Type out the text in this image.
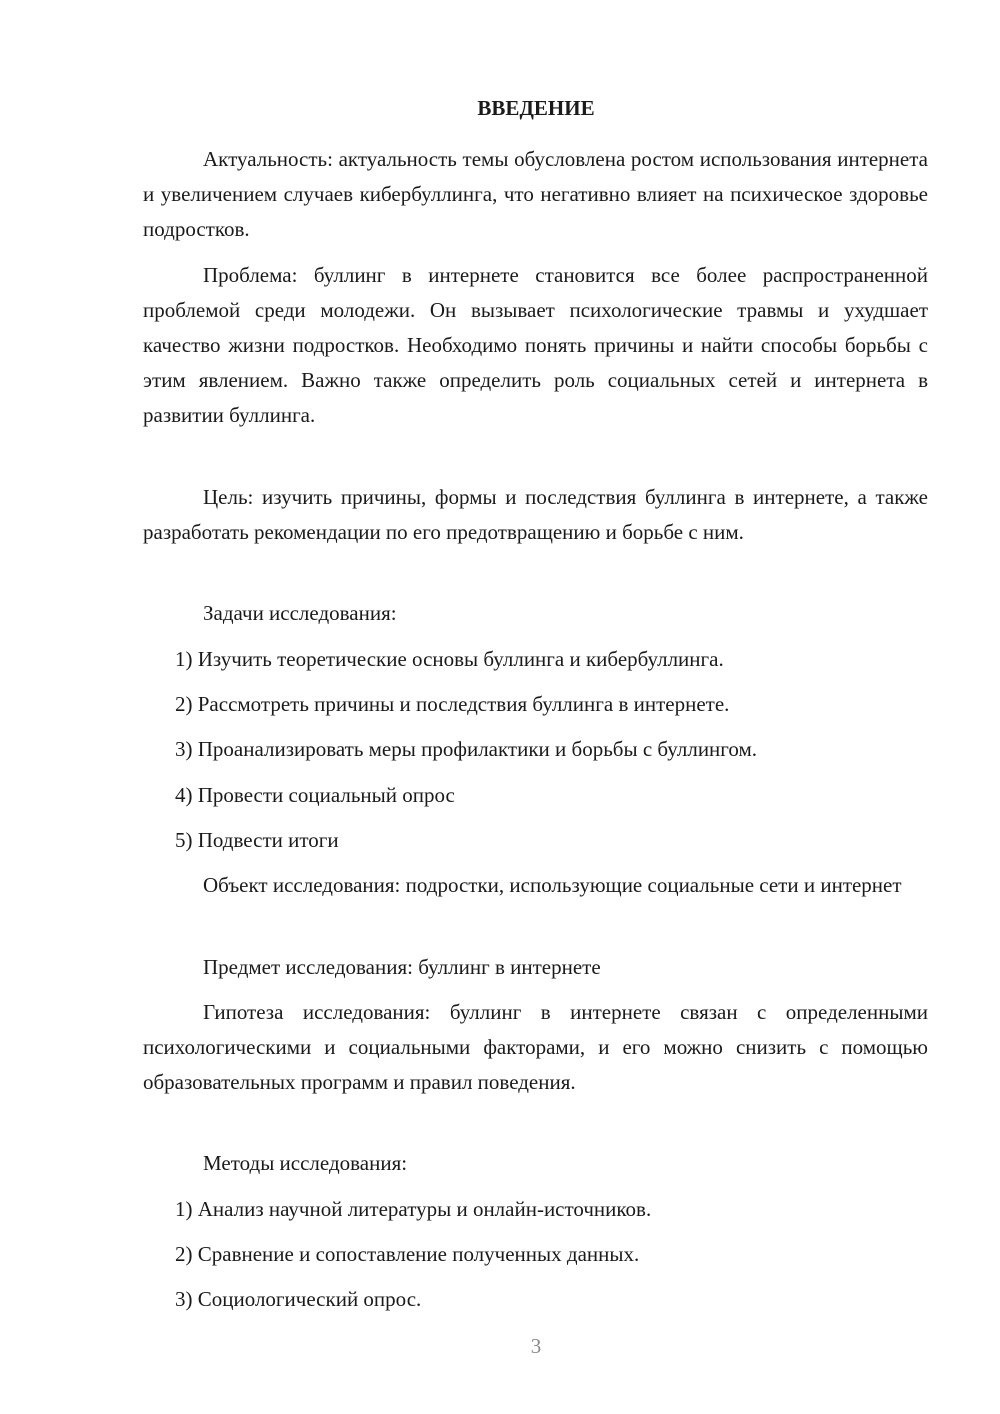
ВВЕДЕНИЕ
Актуальность: актуальность темы обусловлена ростом использования интернета и увеличением случаев кибербуллинга, что негативно влияет на психическое здоровье подростков.
Проблема: буллинг в интернете становится все более распространенной проблемой среди молодежи. Он вызывает психологические травмы и ухудшает качество жизни подростков. Необходимо понять причины и найти способы борьбы с этим явлением. Важно также определить роль социальных сетей и интернета в развитии буллинга.
Цель: изучить причины, формы и последствия буллинга в интернете, а также разработать рекомендации по его предотвращению и борьбе с ним.
Задачи исследования:
1) Изучить теоретические основы буллинга и кибербуллинга.
2) Рассмотреть причины и последствия буллинга в интернете.
3) Проанализировать меры профилактики и борьбы с буллингом.
4) Провести социальный опрос
5) Подвести итоги
Объект исследования: подростки, использующие социальные сети и интернет
Предмет исследования: буллинг в интернете
Гипотеза исследования: буллинг в интернете связан с определенными психологическими и социальными факторами, и его можно снизить с помощью образовательных программ и правил поведения.
Методы исследования:
1) Анализ научной литературы и онлайн-источников.
2) Сравнение и сопоставление полученных данных.
3) Социологический опрос.
3
